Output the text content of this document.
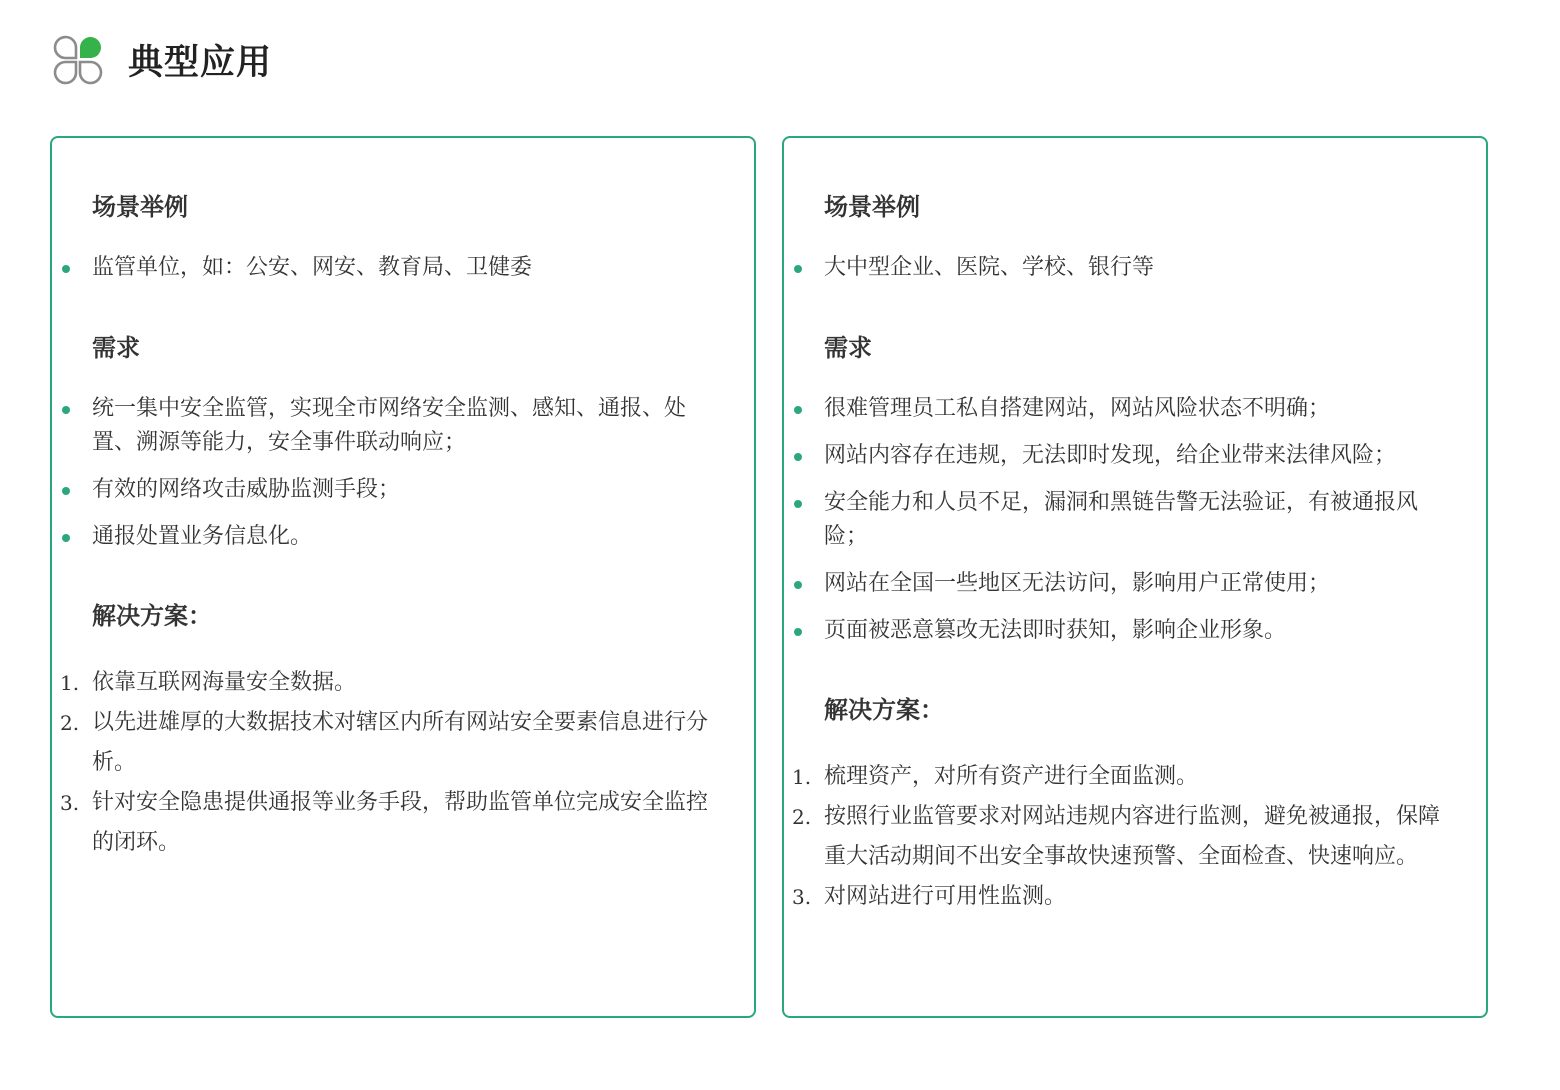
典型应用
场景举例
监管单位，如：公安、网安、教育局、卫健委
需求
统一集中安全监管，实现全市网络安全监测、感知、通报、处置、溯源等能力，安全事件联动响应；
有效的网络攻击威胁监测手段；
通报处置业务信息化。
解决方案：
1. 依靠互联网海量安全数据。
2. 以先进雄厚的大数据技术对辖区内所有网站安全要素信息进行分析。
3. 针对安全隐患提供通报等业务手段，帮助监管单位完成安全监控的闭环。
场景举例
大中型企业、医院、学校、银行等
需求
很难管理员工私自搭建网站，网站风险状态不明确；
网站内容存在违规，无法即时发现，给企业带来法律风险；
安全能力和人员不足，漏洞和黑链告警无法验证，有被通报风险；
网站在全国一些地区无法访问，影响用户正常使用；
页面被恶意篡改无法即时获知，影响企业形象。
解决方案：
1. 梳理资产，对所有资产进行全面监测。
2. 按照行业监管要求对网站违规内容进行监测，避免被通报，保障重大活动期间不出安全事故快速预警、全面检查、快速响应。
3. 对网站进行可用性监测。
